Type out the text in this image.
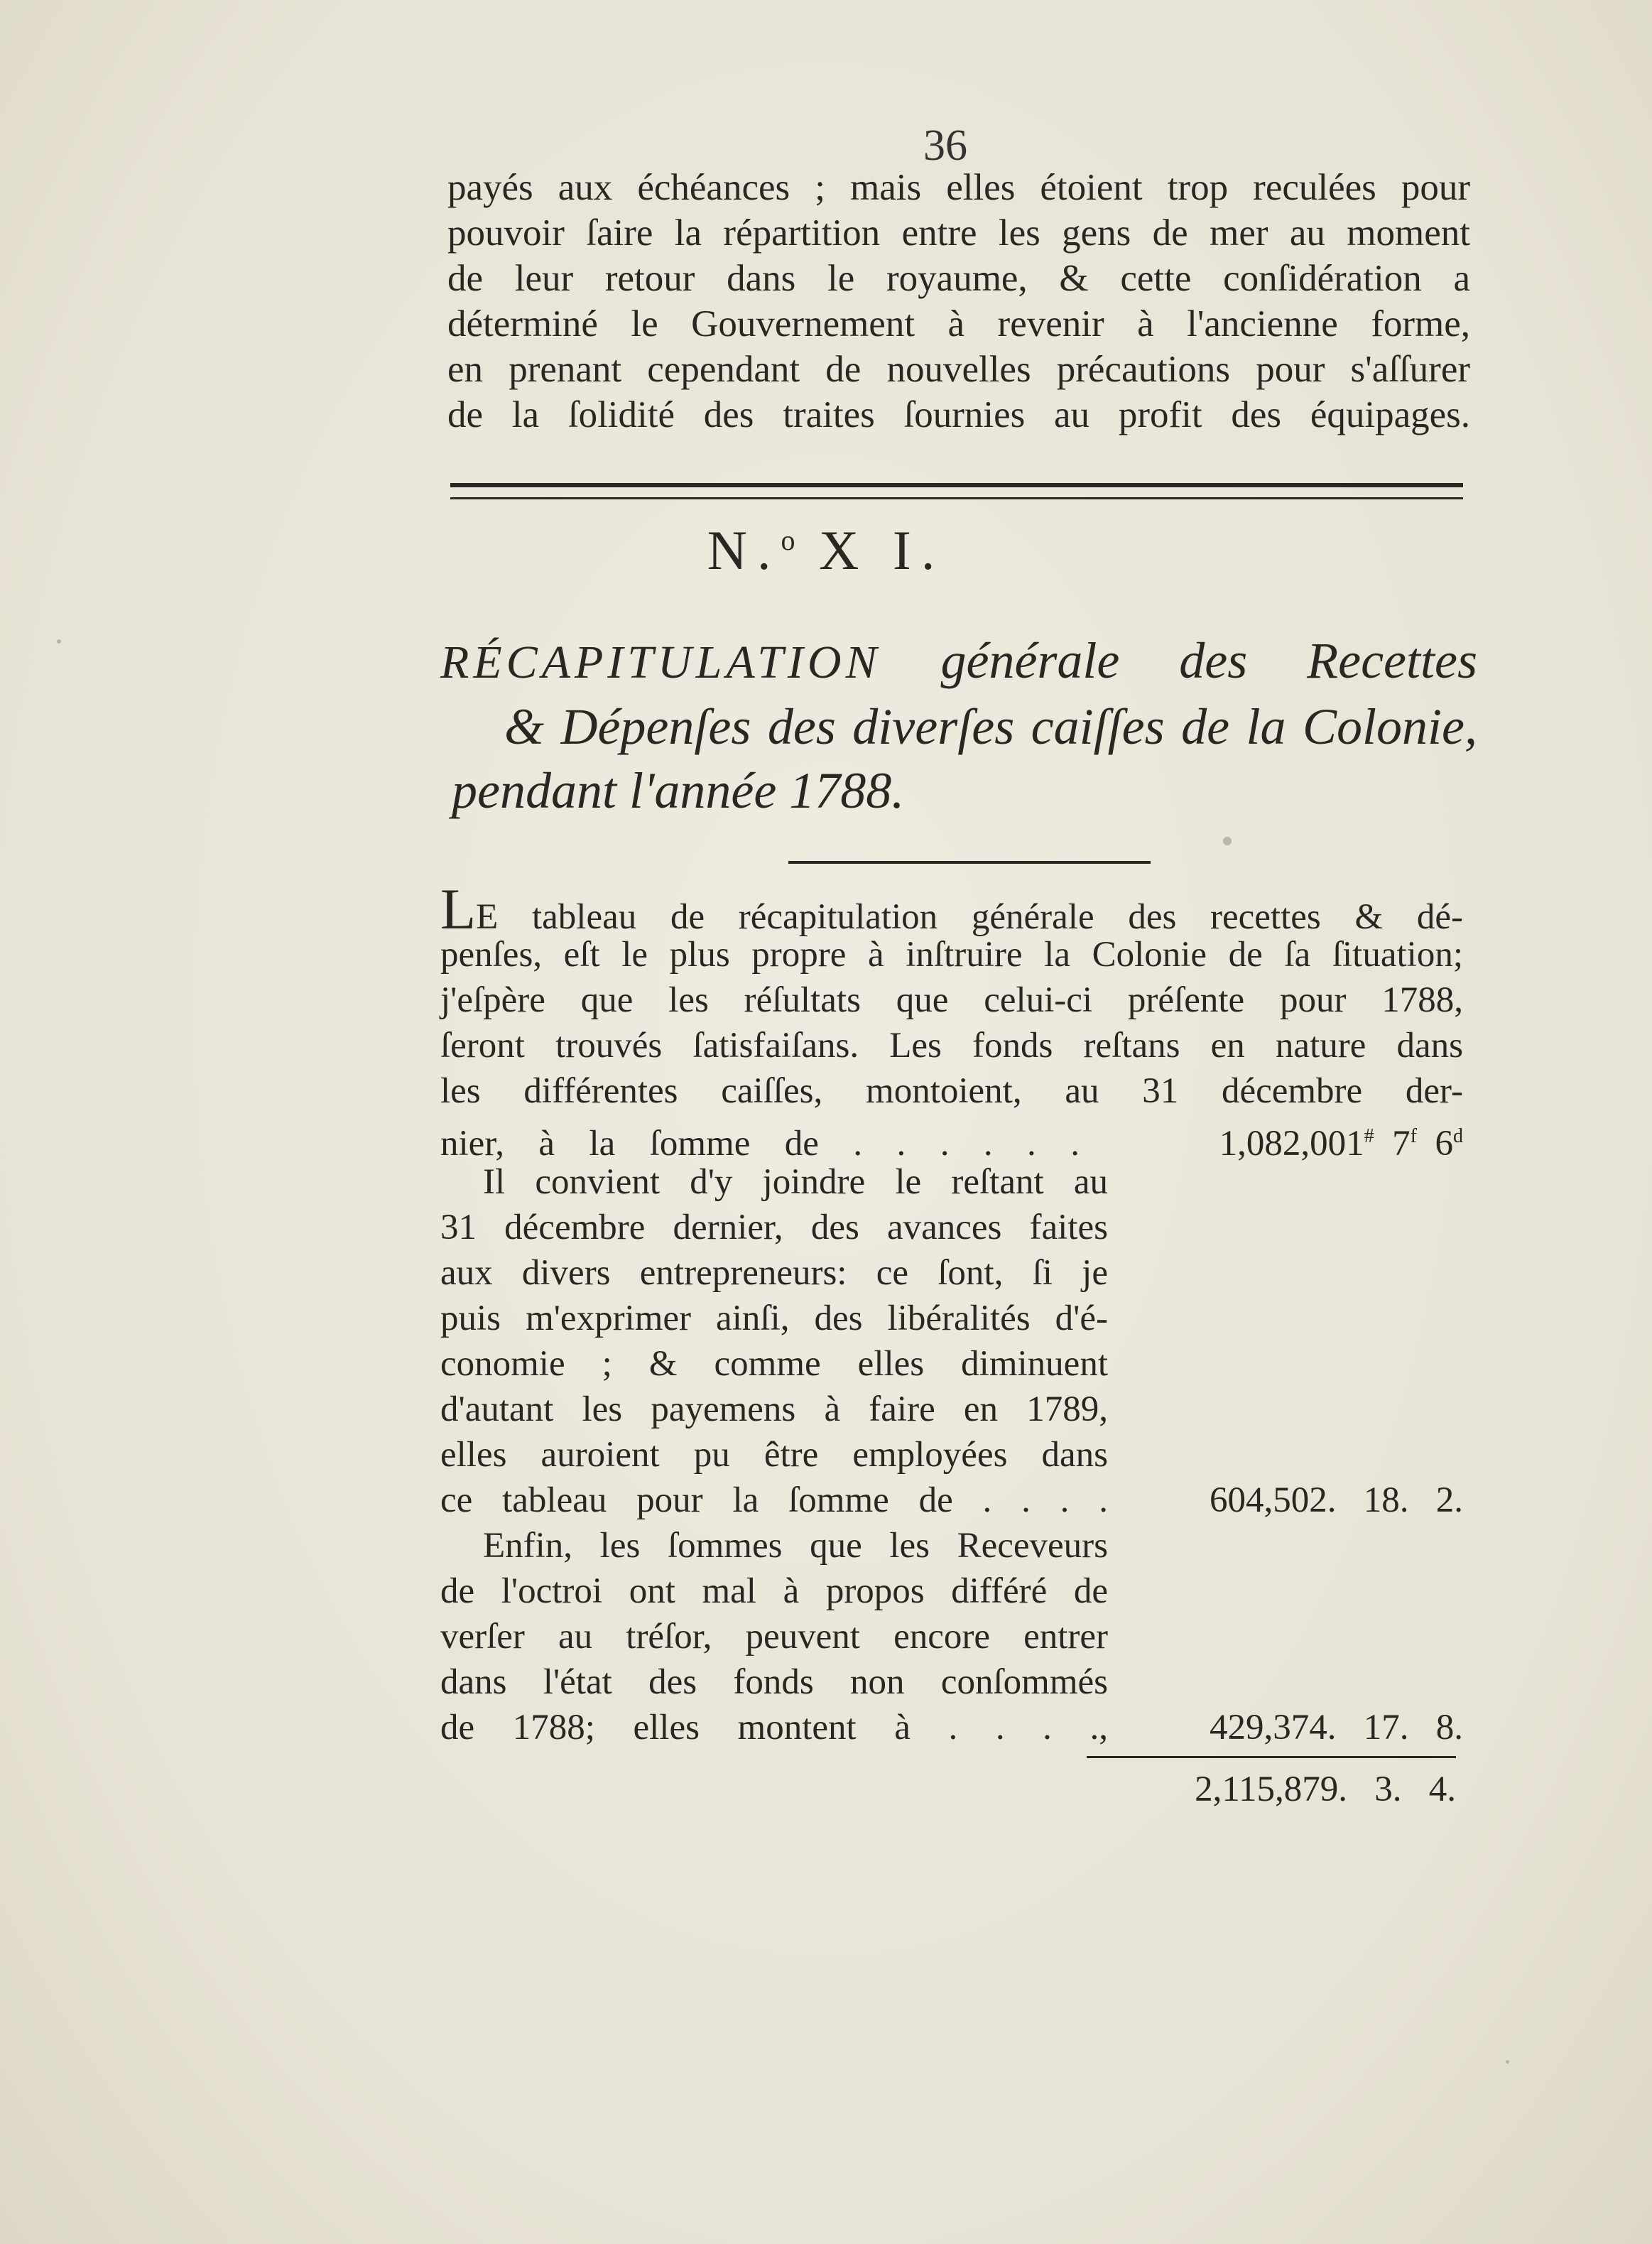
36
payés aux échéances ; mais elles étoient trop reculées pour
pouvoir ſaire la répartition entre les gens de mer au moment
de leur retour dans le royaume, & cette conſidération a
déterminé le Gouvernement à revenir à l'ancienne forme,
en prenant cependant de nouvelles précautions pour s'aſſurer
de la ſolidité des traites ſournies au profit des équipages.
N.$^o$ X I.
RÉCAPITULATION générale des Recettes
& Dépenſes des diverſes caiſſes de la Colonie,
pendant l'année 1788.
LE tableau de récapitulation générale des recettes & dé-
penſes, eſt le plus propre à inſtruire la Colonie de ſa ſituation;
j'eſpère que les réſultats que celui-ci préſente pour 1788,
ſeront trouvés ſatisfaiſans. Les fonds reſtans en nature dans
les différentes caiſſes, montoient, au 31 décembre der-
nier, à la ſomme de . . . . . .	1,082,001# 7$^f$ 6$^d$
Il convient d'y joindre le reſtant au
31 décembre dernier, des avances faites
aux divers entrepreneurs: ce ſont, ſi je
puis m'exprimer ainſi, des libéralités d'é-
conomie ; & comme elles diminuent
d'autant les payemens à faire en 1789,
elles auroient pu être employées dans
ce tableau pour la ſomme de . . . .	604,502.   18.   2.
Enfin, les ſommes que les Receveurs
de l'octroi ont mal à propos différé de
verſer au tréſor, peuvent encore entrer
dans l'état des fonds non conſommés
de 1788; elles montent à . . . .,	429,374.   17.   8.
2,115,879.   3.   4.
